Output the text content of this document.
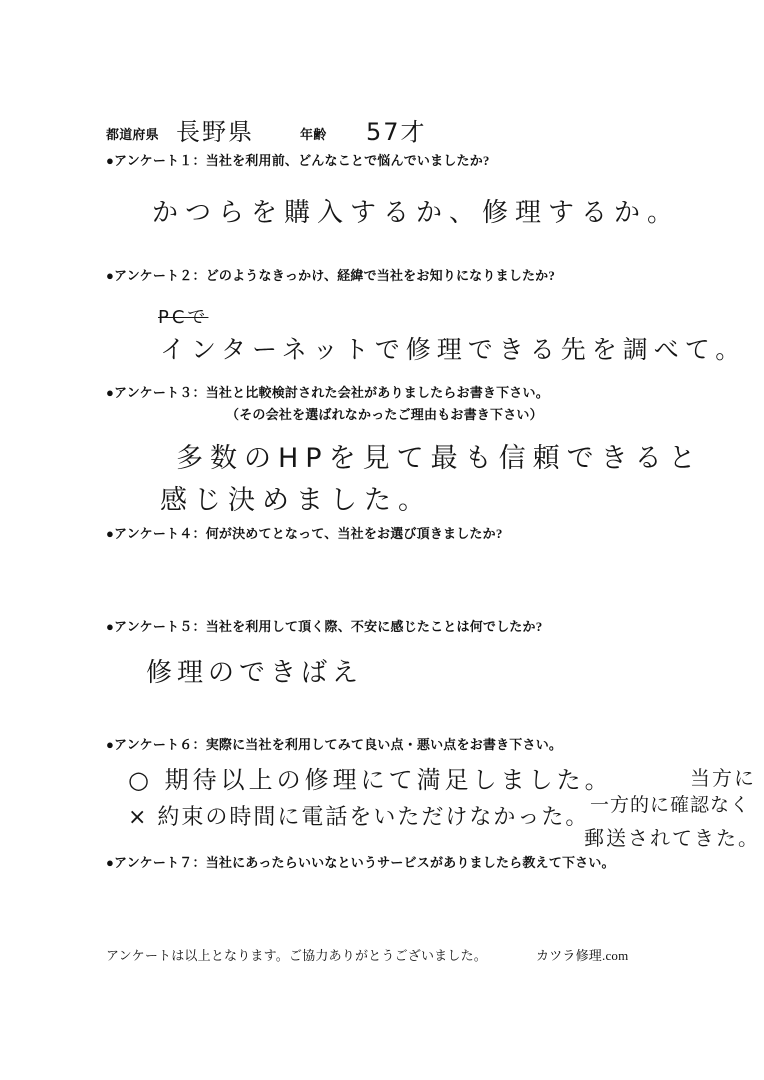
都道府県 長野県	年齢 57才
●アンケート１：当社を利用前、どんなことで悩んでいましたか?
かつらを購入するか、修理するか。
●アンケート２：どのようなきっかけ、経緯で当社をお知りになりましたか?
PCで
インターネットで修理できる先を調べて。
●アンケート３：当社と比較検討された会社がありましたらお書き下さい。
（その会社を選ばれなかったご理由もお書き下さい）
多数のHPを見て最も信頼できると
感じ決めました。
●アンケート４：何が決めてとなって、当社をお選び頂きましたか?
●アンケート５：当社を利用して頂く際、不安に感じたことは何でしたか?
修理のできばえ
●アンケート６：実際に当社を利用してみて良い点・悪い点をお書き下さい。
○ 期待以上の修理にて満足しました。
× 約束の時間に電話をいただけなかった。
当方に
一方的に確認なく
郵送されてきた。
●アンケート７：当社にあったらいいなというサービスがありましたら教えて下さい。
アンケートは以上となります。ご協力ありがとうございました。	カツラ修理.com
